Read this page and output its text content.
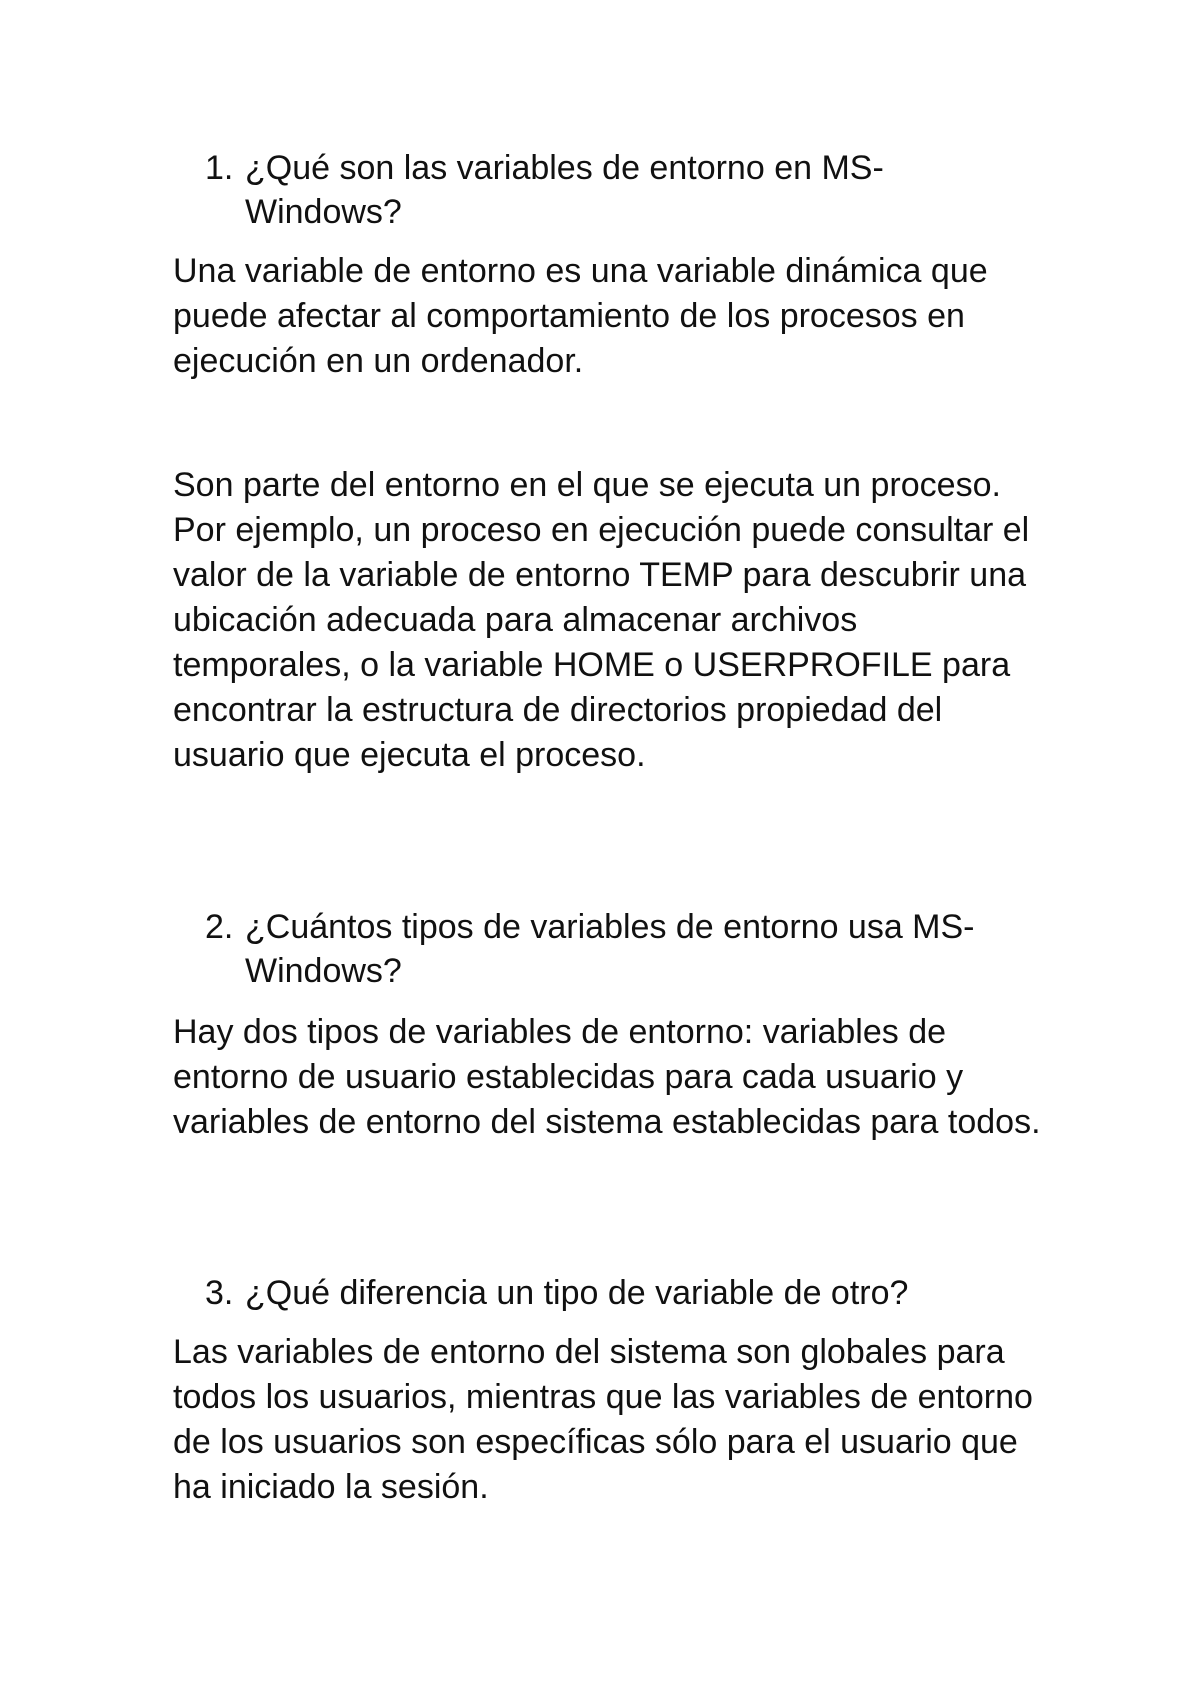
1. ¿Qué son las variables de entorno en MS-Windows?

Una variable de entorno es una variable dinámica que puede afectar al comportamiento de los procesos en ejecución en un ordenador.

Son parte del entorno en el que se ejecuta un proceso. Por ejemplo, un proceso en ejecución puede consultar el valor de la variable de entorno TEMP para descubrir una ubicación adecuada para almacenar archivos temporales, o la variable HOME o USERPROFILE para encontrar la estructura de directorios propiedad del usuario que ejecuta el proceso.

2. ¿Cuántos tipos de variables de entorno usa MS-Windows?

Hay dos tipos de variables de entorno: variables de entorno de usuario establecidas para cada usuario y variables de entorno del sistema establecidas para todos.

3. ¿Qué diferencia un tipo de variable de otro?

Las variables de entorno del sistema son globales para todos los usuarios, mientras que las variables de entorno de los usuarios son específicas sólo para el usuario que ha iniciado la sesión.
